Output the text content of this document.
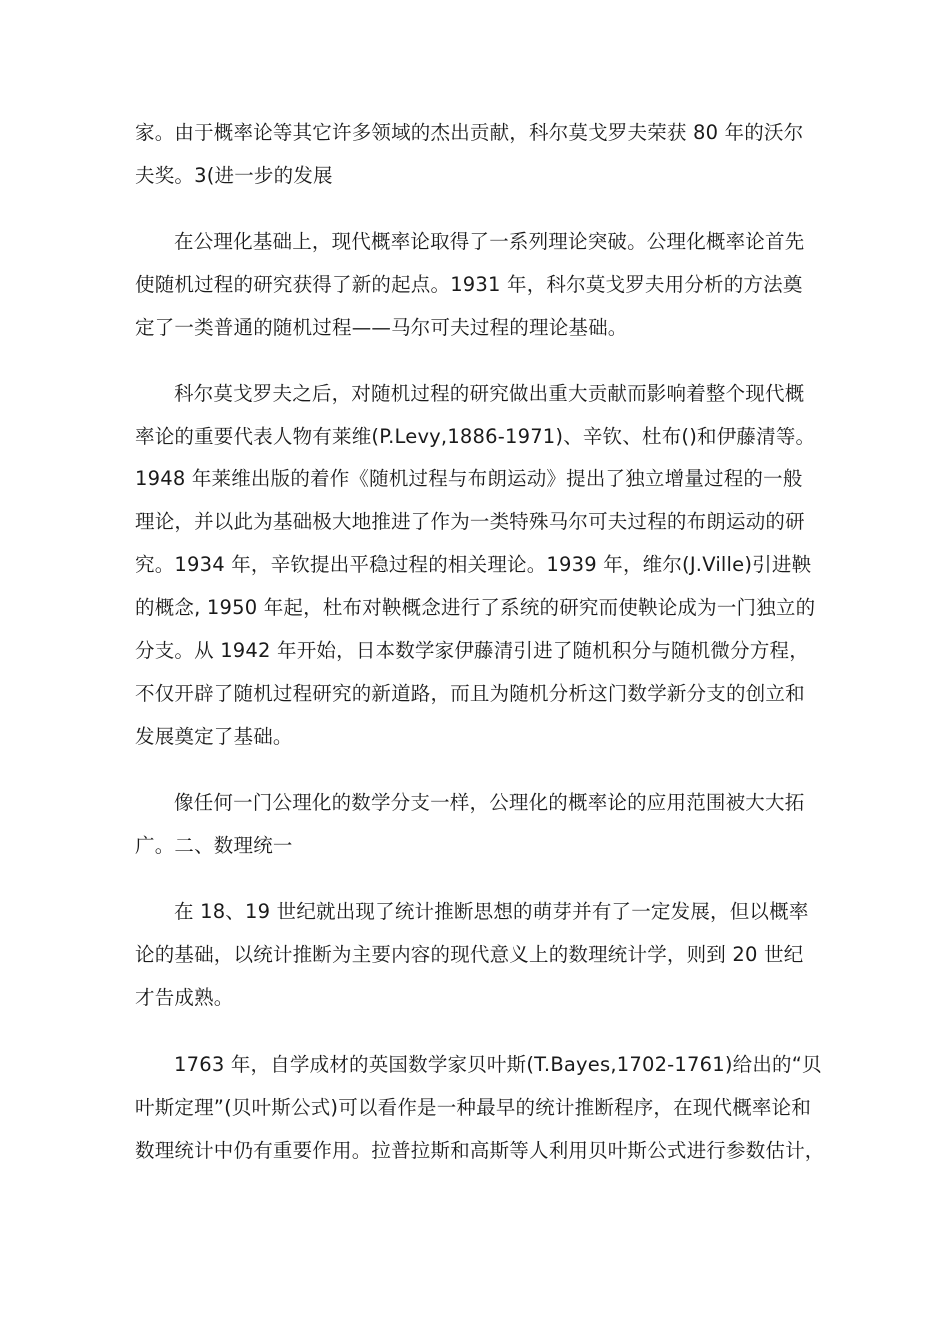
家。由于概率论等其它许多领域的杰出贡献，科尔莫戈罗夫荣获 80 年的沃尔
夫奖。3(进一步的发展
在公理化基础上，现代概率论取得了一系列理论突破。公理化概率论首先
使随机过程的研究获得了新的起点。1931 年，科尔莫戈罗夫用分析的方法奠
定了一类普通的随机过程——马尔可夫过程的理论基础。
科尔莫戈罗夫之后，对随机过程的研究做出重大贡献而影响着整个现代概
率论的重要代表人物有莱维(P.Levy,1886-1971)、辛钦、杜布()和伊藤清等。
1948 年莱维出版的着作《随机过程与布朗运动》提出了独立增量过程的一般
理论，并以此为基础极大地推进了作为一类特殊马尔可夫过程的布朗运动的研
究。1934 年，辛钦提出平稳过程的相关理论。1939 年，维尔(J.Ville)引进鞅
的概念, 1950 年起，杜布对鞅概念进行了系统的研究而使鞅论成为一门独立的
分支。从 1942 年开始，日本数学家伊藤清引进了随机积分与随机微分方程，
不仅开辟了随机过程研究的新道路，而且为随机分析这门数学新分支的创立和
发展奠定了基础。
像任何一门公理化的数学分支一样，公理化的概率论的应用范围被大大拓
广。二、数理统一
在 18、19 世纪就出现了统计推断思想的萌芽并有了一定发展，但以概率
论的基础，以统计推断为主要内容的现代意义上的数理统计学，则到 20 世纪
才告成熟。
1763 年，自学成材的英国数学家贝叶斯(T.Bayes,1702-1761)给出的“贝
叶斯定理”(贝叶斯公式)可以看作是一种最早的统计推断程序，在现代概率论和
数理统计中仍有重要作用。拉普拉斯和高斯等人利用贝叶斯公式进行参数估计，
